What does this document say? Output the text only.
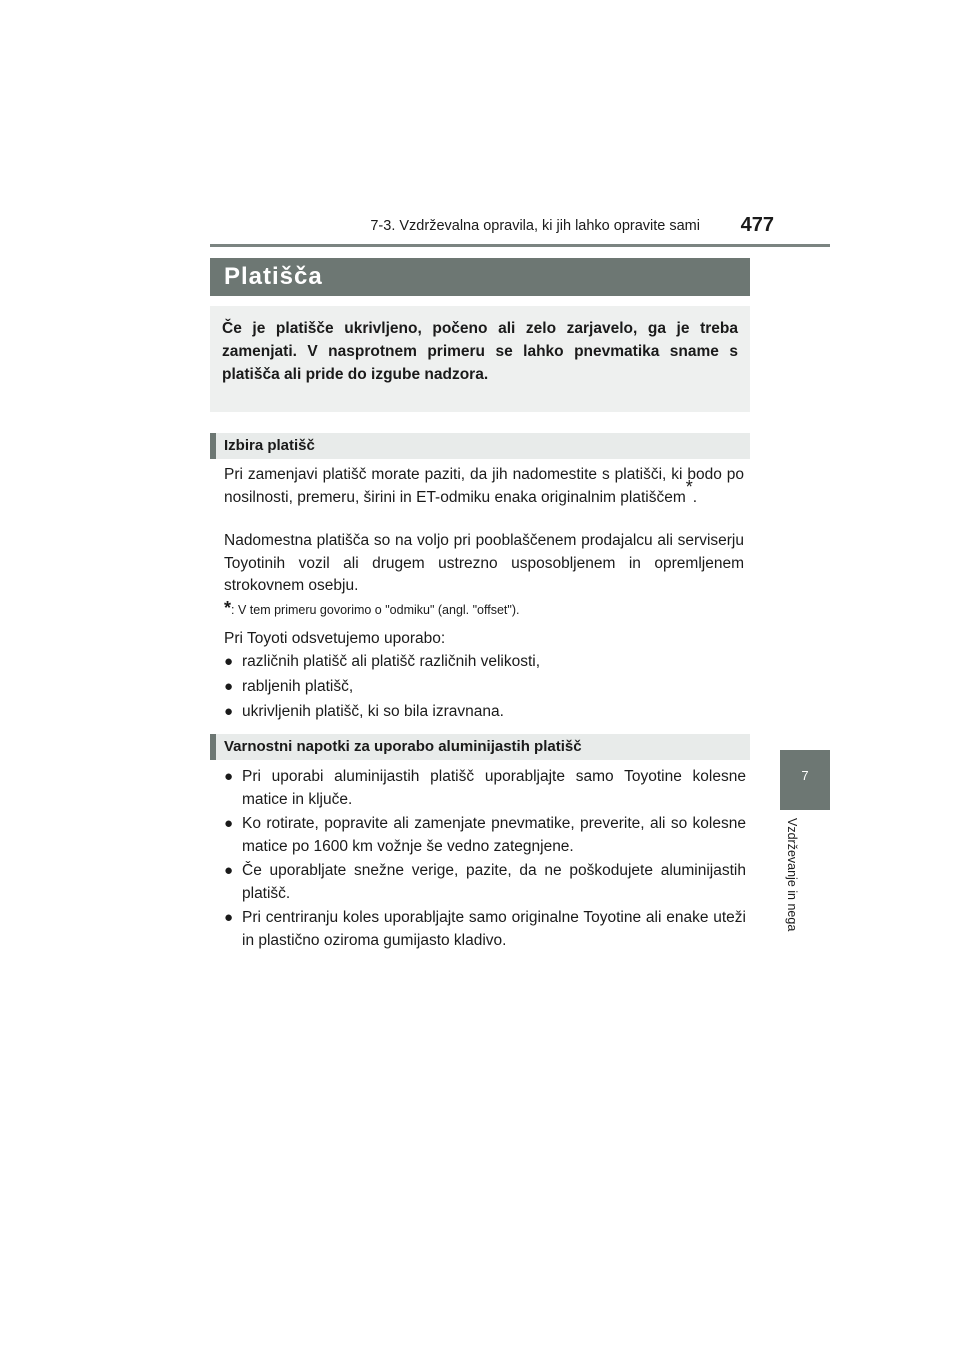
7-3. Vzdrževalna opravila, ki jih lahko opravite sami	477
7
Vzdrževanje in nega
Platišča

Če je platišče ukrivljeno, počeno ali zelo zarjavelo, ga je treba zamenjati. V nasprotnem primeru se lahko pnevmatika sname s platišča ali pride do izgube nadzora.

Izbira platišč

Pri zamenjavi platišč morate paziti, da jih nadomestite s platišči, ki bodo po nosilnosti, premeru, širini in ET-odmiku enaka originalnim platiščem*.

Nadomestna platišča so na voljo pri pooblaščenem prodajalcu ali serviserju Toyotinih vozil ali drugem ustrezno usposobljenem in opremljenem strokovnem osebju.

*: V tem primeru govorimo o "odmiku" (angl. "offset").
Pri Toyoti odsvetujemo uporabo:
● različnih platišč ali platišč različnih velikosti,
● rabljenih platišč,
● ukrivljenih platišč, ki so bila izravnana.
Varnostni napotki za uporabo aluminijastih platišč
● Pri uporabi aluminijastih platišč uporabljajte samo Toyotine kolesne matice in ključe.
● Ko rotirate, popravite ali zamenjate pnevmatike, preverite, ali so kolesne matice po 1600 km vožnje še vedno zategnjene.
● Če uporabljate snežne verige, pazite, da ne poškodujete aluminijastih platišč.
● Pri centriranju koles uporabljajte samo originalne Toyotine ali enake uteži in plastično oziroma gumijasto kladivo.
